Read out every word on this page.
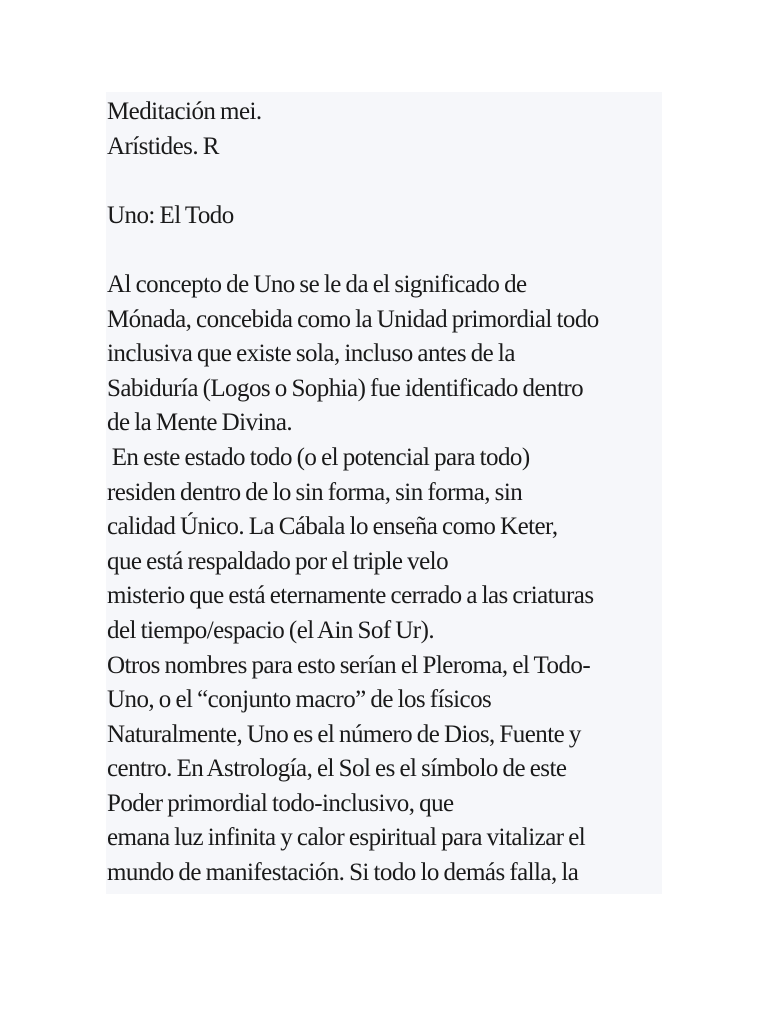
Meditación mei.
Arístides. R
Uno: El Todo
Al concepto de Uno se le da el significado de
Mónada, concebida como la Unidad primordial todo
inclusiva que existe sola, incluso antes de la
Sabiduría (Logos o Sophia) fue identificado dentro
de la Mente Divina.
En este estado todo (o el potencial para todo)
residen dentro de lo sin forma, sin forma, sin
calidad Único. La Cábala lo enseña como Keter,
que está respaldado por el triple velo
misterio que está eternamente cerrado a las criaturas
del tiempo/espacio (el Ain Sof Ur).
Otros nombres para esto serían el Pleroma, el Todo-
Uno, o el “conjunto macro” de los físicos
Naturalmente, Uno es el número de Dios, Fuente y
centro. En Astrología, el Sol es el símbolo de este
Poder primordial todo-inclusivo, que
emana luz infinita y calor espiritual para vitalizar el
mundo de manifestación. Si todo lo demás falla, la
